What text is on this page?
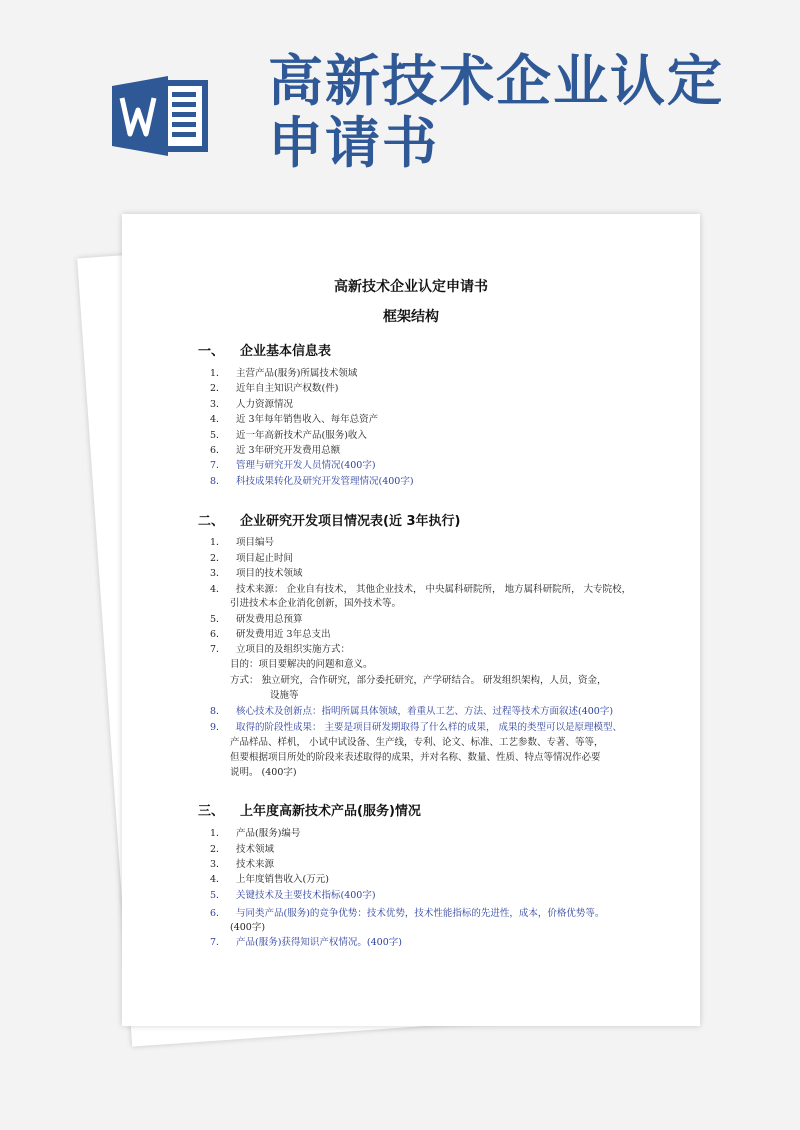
高新技术企业认定
申请书
高新技术企业认定申请书
框架结构
一、 企业基本信息表
1． 主营产品(服务)所属技术领域
2． 近年自主知识产权数(件)
3． 人力资源情况
4． 近 3年每年销售收入、每年总资产
5． 近一年高新技术产品(服务)收入
6． 近 3年研究开发费用总额
7． 管理与研究开发人员情况(400字)
8． 科技成果转化及研究开发管理情况(400字)
二、 企业研究开发项目情况表(近 3年执行)
1． 项目编号
2． 项目起止时间
3． 项目的技术领域
4． 技术来源： 企业自有技术， 其他企业技术， 中央属科研院所， 地方属科研院所， 大专院校，
引进技术本企业消化创新，国外技术等。
5． 研发费用总预算
6． 研发费用近 3年总支出
7． 立项目的及组织实施方式：
目的：项目要解决的问题和意义。
方式： 独立研究，合作研究，部分委托研究，产学研结合。 研发组织架构，人员，资金，
设施等
8． 核心技术及创新点：指明所属具体领域，着重从工艺、方法、过程等技术方面叙述(400字)
9． 取得的阶段性成果： 主要是项目研发期取得了什么样的成果， 成果的类型可以是原理模型、
产品样品、样机， 小试中试设备、生产线，专利、论文、标准、工艺参数、专著、等等，
但要根据项目所处的阶段来表述取得的成果，并对名称、数量、性质、特点等情况作必要
说明。 (400字)
三、 上年度高新技术产品(服务)情况
1． 产品(服务)编号
2． 技术领域
3． 技术来源
4． 上年度销售收入(万元)
5． 关键技术及主要技术指标(400字)
6． 与同类产品(服务)的竞争优势：技术优势，技术性能指标的先进性，成本，价格优势等。
(400字)
7． 产品(服务)获得知识产权情况。(400字)
